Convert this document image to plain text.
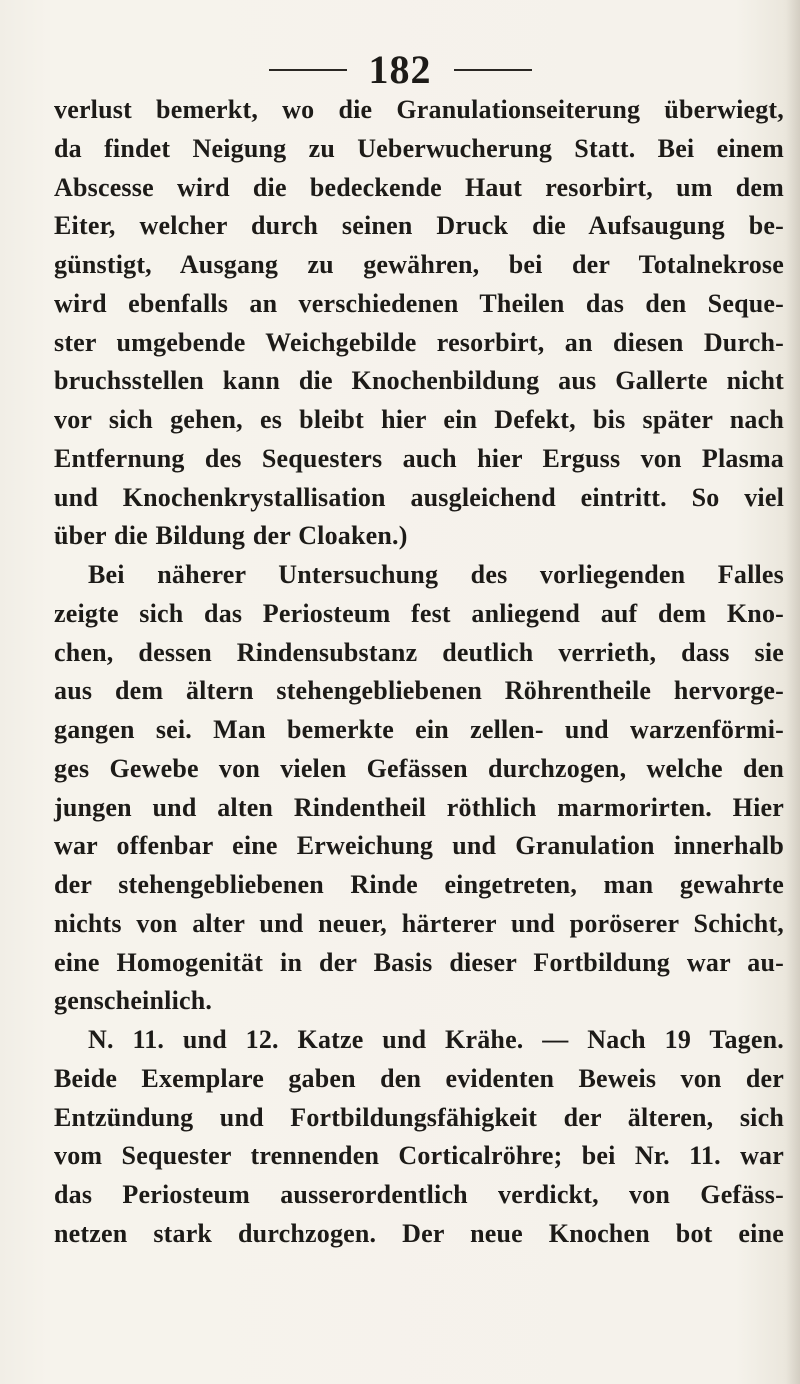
182
verlust bemerkt, wo die Granulationseiterung überwiegt,
da findet Neigung zu Ueberwucherung Statt. Bei einem
Abscesse wird die bedeckende Haut resorbirt, um dem
Eiter, welcher durch seinen Druck die Aufsaugung be-
günstigt, Ausgang zu gewähren, bei der Totalnekrose
wird ebenfalls an verschiedenen Theilen das den Seque-
ster umgebende Weichgebilde resorbirt, an diesen Durch-
bruchsstellen kann die Knochenbildung aus Gallerte nicht
vor sich gehen, es bleibt hier ein Defekt, bis später nach
Entfernung des Sequesters auch hier Erguss von Plasma
und Knochenkrystallisation ausgleichend eintritt. So viel
über die Bildung der Cloaken.)
Bei näherer Untersuchung des vorliegenden Falles
zeigte sich das Periosteum fest anliegend auf dem Kno-
chen, dessen Rindensubstanz deutlich verrieth, dass sie
aus dem ältern stehengebliebenen Röhrentheile hervorge-
gangen sei. Man bemerkte ein zellen- und warzenförmi-
ges Gewebe von vielen Gefässen durchzogen, welche den
jungen und alten Rindentheil röthlich marmorirten. Hier
war offenbar eine Erweichung und Granulation innerhalb
der stehengebliebenen Rinde eingetreten, man gewahrte
nichts von alter und neuer, härterer und poröserer Schicht,
eine Homogenität in der Basis dieser Fortbildung war au-
genscheinlich.
N. 11. und 12. Katze und Krähe. — Nach 19 Tagen.
Beide Exemplare gaben den evidenten Beweis von der
Entzündung und Fortbildungsfähigkeit der älteren, sich
vom Sequester trennenden Corticalröhre; bei Nr. 11. war
das Periosteum ausserordentlich verdickt, von Gefäss-
netzen stark durchzogen. Der neue Knochen bot eine
